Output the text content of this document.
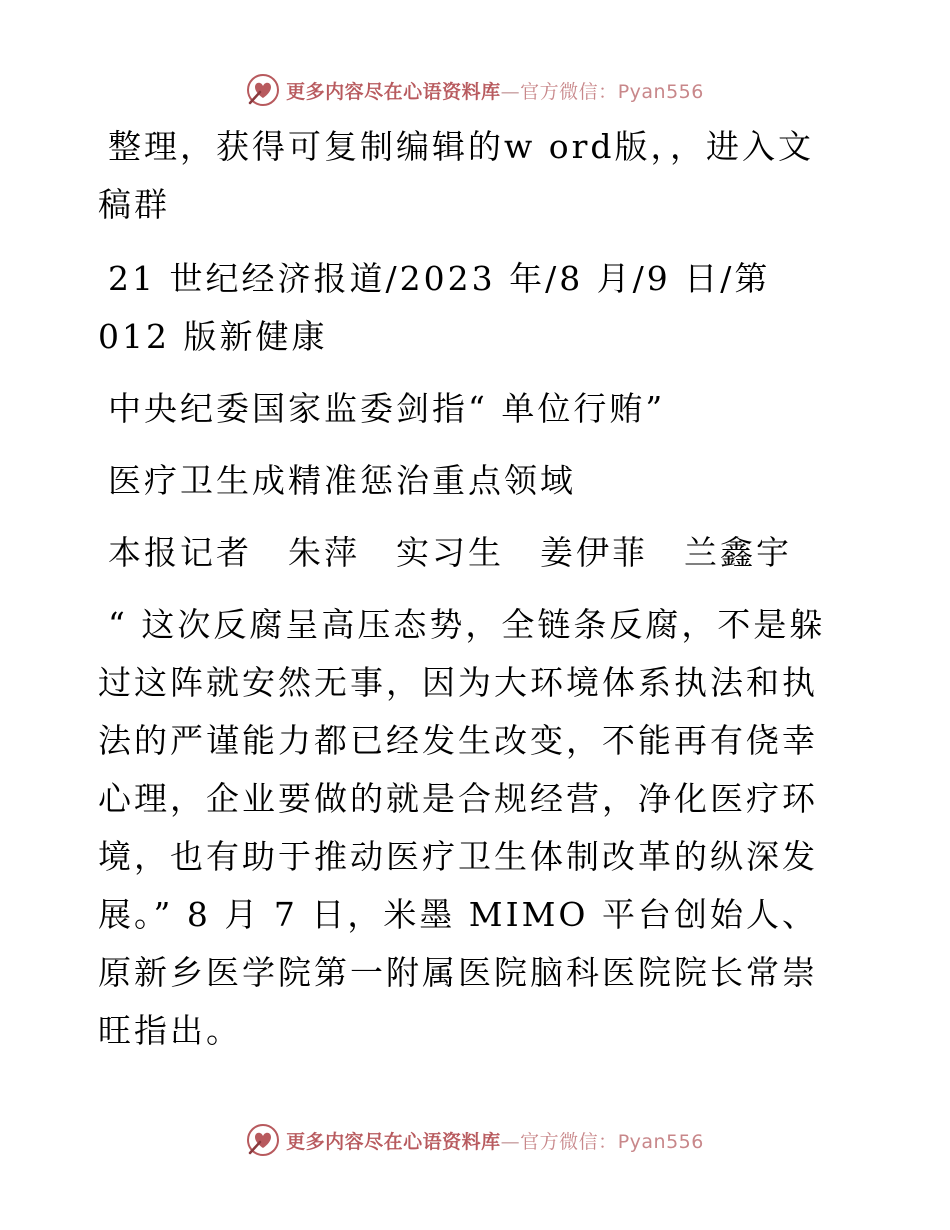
更多内容尽在心语资料库—官方微信：Pyan556

整理，获得可复制编辑的w ord版，，进入文稿群

21 世纪经济报道/2023 年/8 月/9 日/第 012 版新健康

中央纪委国家监委剑指“ 单位行贿”

医疗卫生成精准惩治重点领域

本报记者　朱萍　实习生　姜伊菲　兰鑫宇

“ 这次反腐呈高压态势，全链条反腐，不是躲过这阵就安然无事，因为大环境体系执法和执法的严谨能力都已经发生改变，不能再有侥幸心理，企业要做的就是合规经营，净化医疗环境，也有助于推动医疗卫生体制改革的纵深发展。” 8 月 7 日，米墨 MIMO 平台创始人、原新乡医学院第一附属医院脑科医院院长常崇旺指出。

更多内容尽在心语资料库—官方微信：Pyan556
